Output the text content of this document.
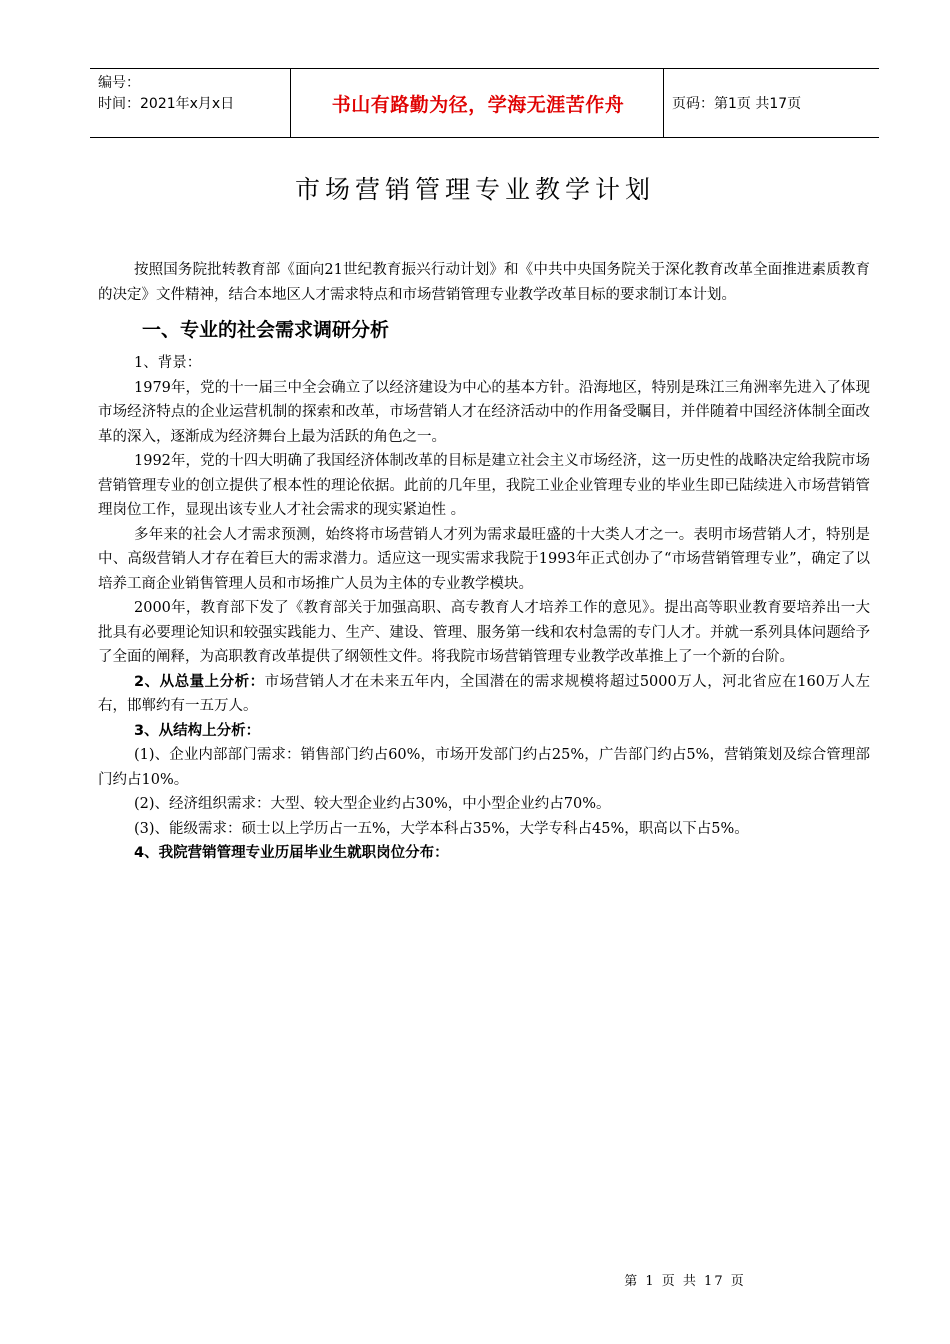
编号：
时间：2021年x月x日	书山有路勤为径，学海无涯苦作舟	页码：第1页 共17页
市场营销管理专业教学计划

按照国务院批转教育部《面向21世纪教育振兴行动计划》和《中共中央国务院关于深化教育改革全面推进素质教育的决定》文件精神，结合本地区人才需求特点和市场营销管理专业教学改革目标的要求制订本计划。

一、专业的社会需求调研分析

1、背景：

1979年，党的十一届三中全会确立了以经济建设为中心的基本方针。沿海地区，特别是珠江三角洲率先进入了体现市场经济特点的企业运营机制的探索和改革，市场营销人才在经济活动中的作用备受瞩目，并伴随着中国经济体制全面改革的深入，逐渐成为经济舞台上最为活跃的角色之一。

1992年，党的十四大明确了我国经济体制改革的目标是建立社会主义市场经济，这一历史性的战略决定给我院市场营销管理专业的创立提供了根本性的理论依据。此前的几年里，我院工业企业管理专业的毕业生即已陆续进入市场营销管理岗位工作，显现出该专业人才社会需求的现实紧迫性 。

多年来的社会人才需求预测，始终将市场营销人才列为需求最旺盛的十大类人才之一。表明市场营销人才，特别是中、高级营销人才存在着巨大的需求潜力。适应这一现实需求我院于1993年正式创办了“市场营销管理专业”，确定了以培养工商企业销售管理人员和市场推广人员为主体的专业教学模块。

2000年，教育部下发了《教育部关于加强高职、高专教育人才培养工作的意见》。提出高等职业教育要培养出一大批具有必要理论知识和较强实践能力、生产、建设、管理、服务第一线和农村急需的专门人才。并就一系列具体问题给予了全面的阐释，为高职教育改革提供了纲领性文件。将我院市场营销管理专业教学改革推上了一个新的台阶。

2、从总量上分析：市场营销人才在未来五年内，全国潜在的需求规模将超过5000万人，河北省应在160万人左右，邯郸约有一五万人。

3、从结构上分析：

(1)、企业内部部门需求：销售部门约占60%，市场开发部门约占25%，广告部门约占5%，营销策划及综合管理部门约占10%。

(2)、经济组织需求：大型、较大型企业约占30%，中小型企业约占70%。

(3)、能级需求：硕士以上学历占一五%，大学本科占35%，大学专科占45%，职高以下占5%。

4、我院营销管理专业历届毕业生就职岗位分布：

第 1 页 共 17 页
